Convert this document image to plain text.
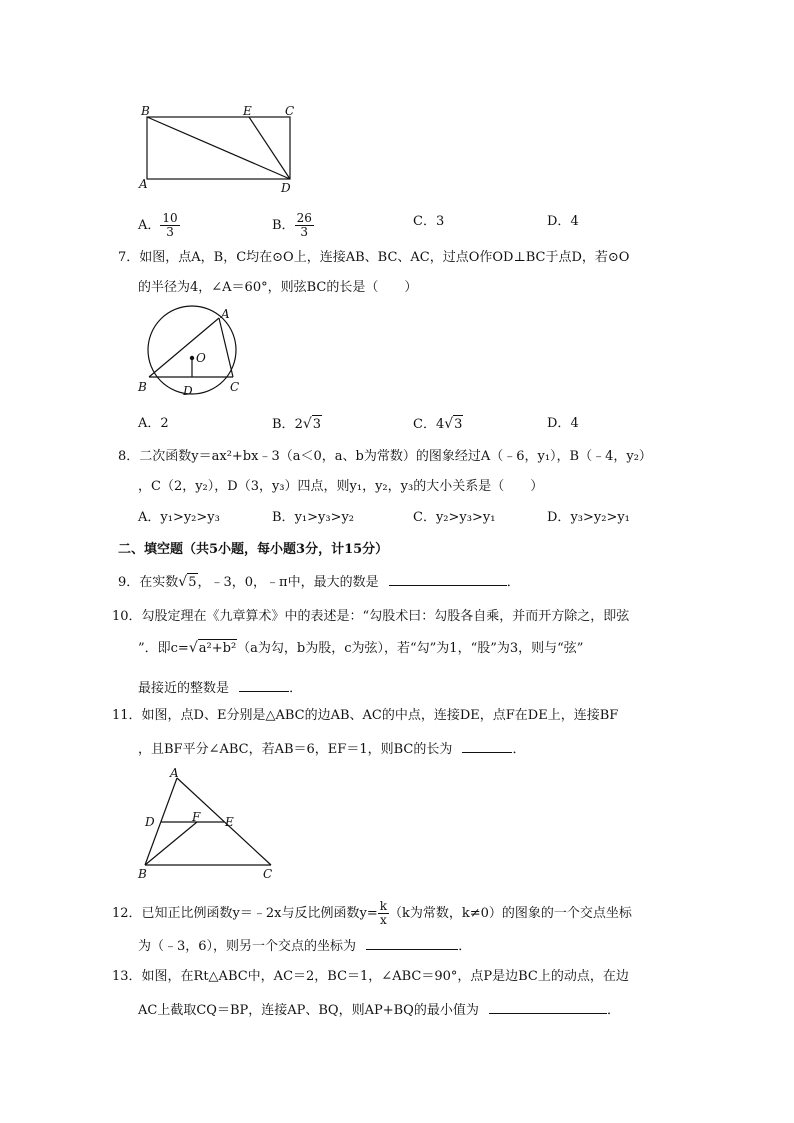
B	E	C
A	D
A． $\frac{10}{3}$	B． $\frac{26}{3}$	C．3	D．4
7．如图，点A，B，C均在⊙O上，连接AB、BC、AC，过点O作OD⊥BC于点D，若⊙O
的半径为4，∠A＝60°，则弦BC的长是（　　）
A
O
B	D	C
A．2	B．2√3	C．4√3	D．4
8．二次函数y＝ax²+bx﹣3（a＜0，a、b为常数）的图象经过A（﹣6，y₁），B（﹣4，y₂）
，C（2，y₂），D（3，y₃）四点，则y₁，y₂，y₃的大小关系是（　　）
A．y₁>y₂>y₃	B．y₁>y₃>y₂	C．y₂>y₃>y₁	D．y₃>y₂>y₁
二、填空题（共5小题，每小题3分，计15分）
9．在实数√5，﹣3，0，﹣π中，最大的数是	．
10．勾股定理在《九章算术》中的表述是：“勾股术曰：勾股各自乘，并而开方除之，即弦
”．即c=√a²+b²（a为勾，b为股，c为弦），若“勾”为1，“股”为3，则与“弦”
最接近的整数是	．
11．如图，点D、E分别是△ABC的边AB、AC的中点，连接DE，点F在DE上，连接BF
，且BF平分∠ABC，若AB＝6，EF＝1，则BC的长为	．
A
D	F E
B	C
12．已知正比例函数y＝﹣2x与反比例函数$y= \frac{k}{x} (k$为常数，k≠0）的图象的一个交点坐标
为（﹣3，6），则另一个交点的坐标为	．
13．如图，在Rt△ABC中，AC＝2，BC＝1，∠ABC＝90°，点P是边BC上的动点，在边
AC上截取CQ＝BP，连接AP、BQ，则AP+BQ的最小值为	．
